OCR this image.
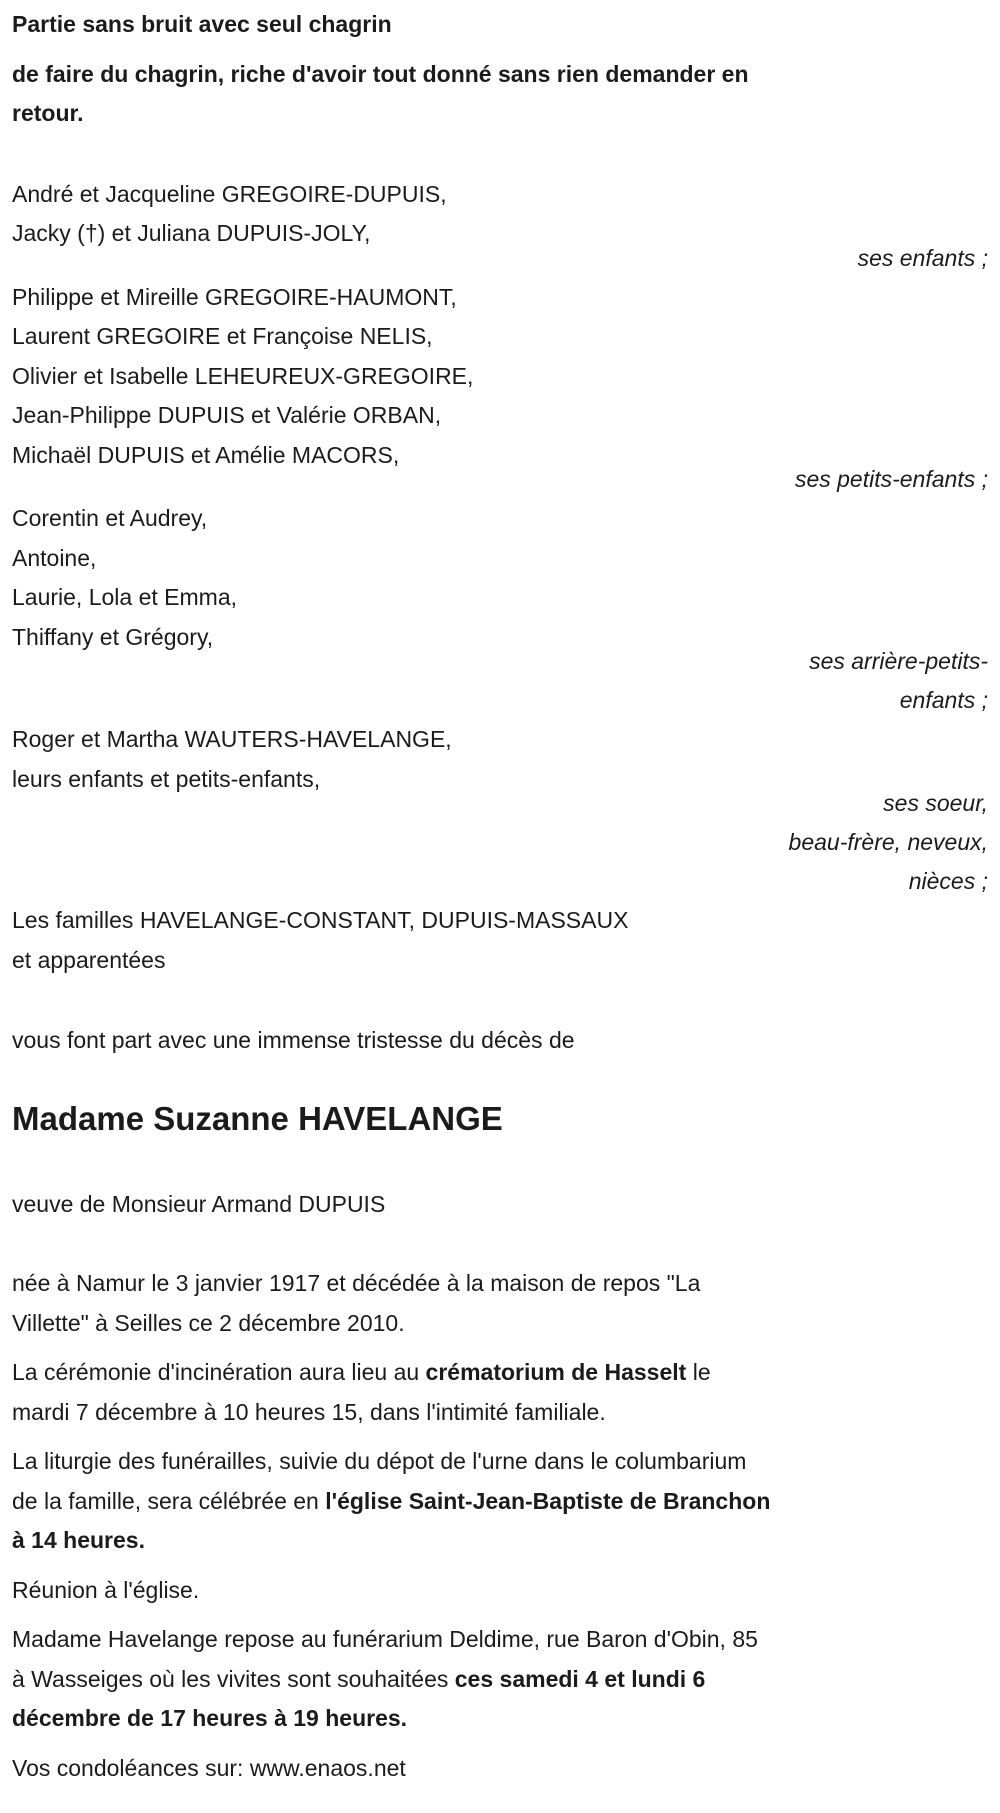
Partie sans bruit avec seul chagrin
de faire du chagrin, riche d'avoir tout donné sans rien demander en
retour.
André et Jacqueline GREGOIRE-DUPUIS,
Jacky (†) et Juliana DUPUIS-JOLY,
ses enfants ;
Philippe et Mireille GREGOIRE-HAUMONT,
Laurent GREGOIRE et Françoise NELIS,
Olivier et Isabelle LEHEUREUX-GREGOIRE,
Jean-Philippe DUPUIS et Valérie ORBAN,
Michaël DUPUIS et Amélie MACORS,
ses petits-enfants ;
Corentin et Audrey,
Antoine,
Laurie, Lola et Emma,
Thiffany et Grégory,
ses arrière-petits-
enfants ;
Roger et Martha WAUTERS-HAVELANGE,
leurs enfants et petits-enfants,
ses soeur,
beau-frère, neveux,
nièces ;
Les familles HAVELANGE-CONSTANT, DUPUIS-MASSAUX
et apparentées
vous font part avec une immense tristesse du décès de
Madame Suzanne HAVELANGE
veuve de Monsieur Armand DUPUIS
née à Namur le 3 janvier 1917 et décédée à la maison de repos "La
Villette" à Seilles ce 2 décembre 2010.
La cérémonie d'incinération aura lieu au crématorium de Hasselt le
mardi 7 décembre à 10 heures 15, dans l'intimité familiale.
La liturgie des funérailles, suivie du dépot de l'urne dans le columbarium
de la famille, sera célébrée en l'église Saint-Jean-Baptiste de Branchon
à 14 heures.
Réunion à l'église.
Madame Havelange repose au funérarium Deldime, rue Baron d'Obin, 85
à Wasseiges où les vivites sont souhaitées ces samedi 4 et lundi 6
décembre de 17 heures à 19 heures.
Vos condoléances sur: www.enaos.net
